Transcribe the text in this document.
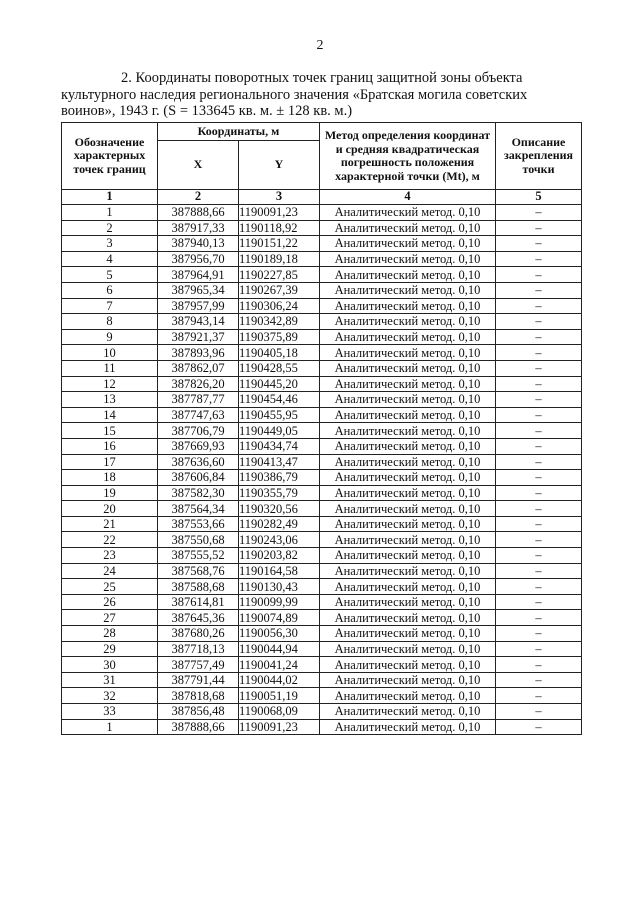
2

2. Координаты поворотных точек границ защитной зоны объекта

культурного наследия регионального значения «Братская могила советских

воинов», 1943 г. (S = 133645 кв. м. ± 128 кв. м.)

Обозначение характерных точек границ	Координаты, м		Метод определения координат и средняя квадратическая погрешность положения характерной точки (Mt), м	Описание закрепления точки
	X	Y		
1	2	3	4	5
1	387888,66	1190091,23	Аналитический метод. 0,10	–
2	387917,33	1190118,92	Аналитический метод. 0,10	–
3	387940,13	1190151,22	Аналитический метод. 0,10	–
4	387956,70	1190189,18	Аналитический метод. 0,10	–
5	387964,91	1190227,85	Аналитический метод. 0,10	–
6	387965,34	1190267,39	Аналитический метод. 0,10	–
7	387957,99	1190306,24	Аналитический метод. 0,10	–
8	387943,14	1190342,89	Аналитический метод. 0,10	–
9	387921,37	1190375,89	Аналитический метод. 0,10	–
10	387893,96	1190405,18	Аналитический метод. 0,10	–
11	387862,07	1190428,55	Аналитический метод. 0,10	–
12	387826,20	1190445,20	Аналитический метод. 0,10	–
13	387787,77	1190454,46	Аналитический метод. 0,10	–
14	387747,63	1190455,95	Аналитический метод. 0,10	–
15	387706,79	1190449,05	Аналитический метод. 0,10	–
16	387669,93	1190434,74	Аналитический метод. 0,10	–
17	387636,60	1190413,47	Аналитический метод. 0,10	–
18	387606,84	1190386,79	Аналитический метод. 0,10	–
19	387582,30	1190355,79	Аналитический метод. 0,10	–
20	387564,34	1190320,56	Аналитический метод. 0,10	–
21	387553,66	1190282,49	Аналитический метод. 0,10	–
22	387550,68	1190243,06	Аналитический метод. 0,10	–
23	387555,52	1190203,82	Аналитический метод. 0,10	–
24	387568,76	1190164,58	Аналитический метод. 0,10	–
25	387588,68	1190130,43	Аналитический метод. 0,10	–
26	387614,81	1190099,99	Аналитический метод. 0,10	–
27	387645,36	1190074,89	Аналитический метод. 0,10	–
28	387680,26	1190056,30	Аналитический метод. 0,10	–
29	387718,13	1190044,94	Аналитический метод. 0,10	–
30	387757,49	1190041,24	Аналитический метод. 0,10	–
31	387791,44	1190044,02	Аналитический метод. 0,10	–
32	387818,68	1190051,19	Аналитический метод. 0,10	–
33	387856,48	1190068,09	Аналитический метод. 0,10	–
1	387888,66	1190091,23	Аналитический метод. 0,10	–
